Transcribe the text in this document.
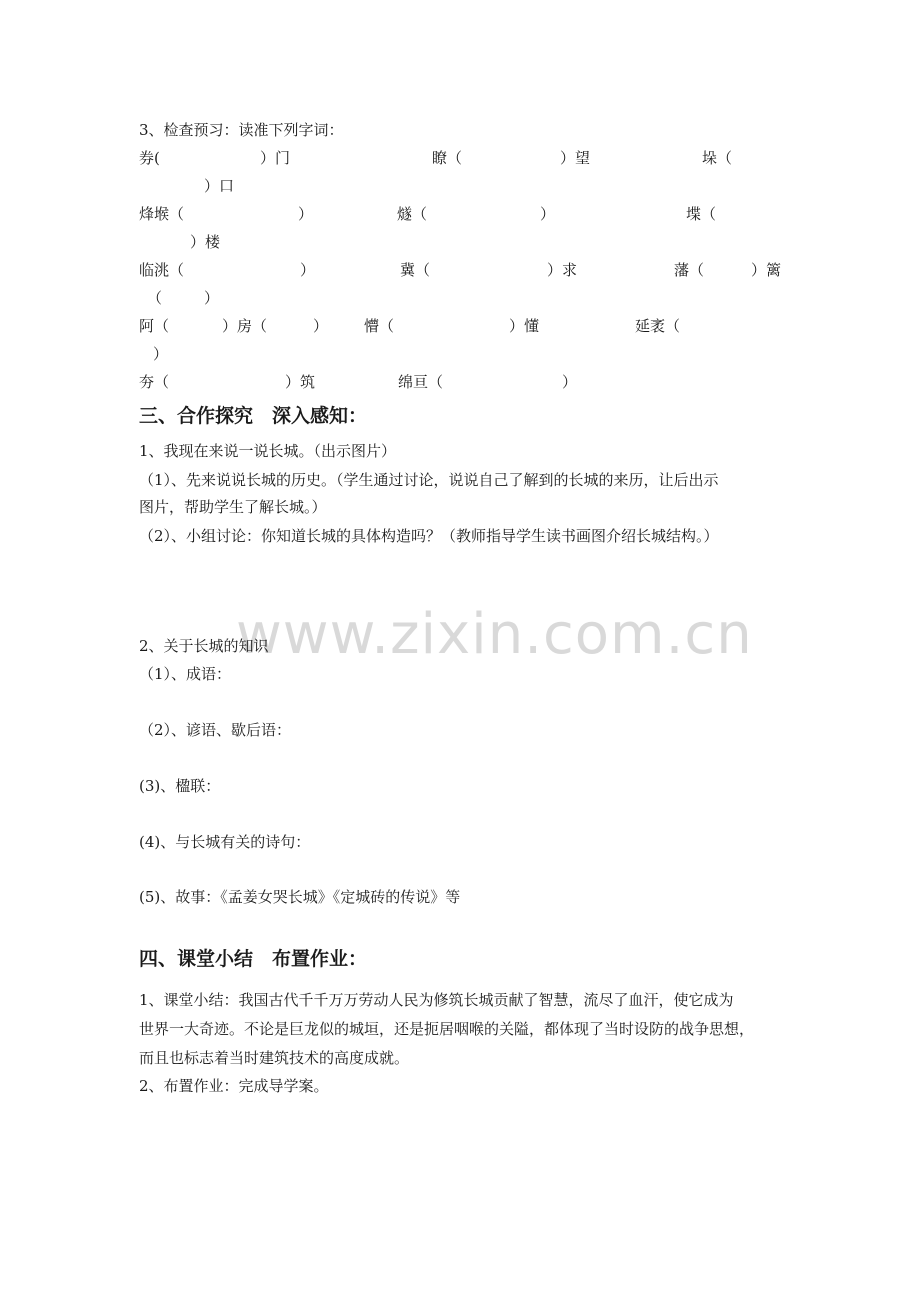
www.zixin.com.cn
3、检查预习：读准下列字词：
券(	）门	瞭（	）望	垛（
）口
烽堠（	）	燧（	）	堞（
）楼
临洮（	）	冀（	）求	藩（	）篱
（	）
阿（	）房（	） 懵（	）懂	延袤（
）
夯（	）筑	绵亘（	）
三、合作探究　深入感知：
1、我现在来说一说长城。（出示图片）
（1）、先来说说长城的历史。（学生通过讨论，说说自己了解到的长城的来历，让后出示
图片，帮助学生了解长城。）
（2）、小组讨论：你知道长城的具体构造吗？（教师指导学生读书画图介绍长城结构。）
2、关于长城的知识
（1）、成语：
（2）、谚语、歇后语：
(3)、楹联：
(4)、与长城有关的诗句：
(5)、故事：《孟姜女哭长城》《定城砖的传说》等
四、课堂小结　布置作业：
1、课堂小结：我国古代千千万万劳动人民为修筑长城贡献了智慧，流尽了血汗，使它成为
世界一大奇迹。不论是巨龙似的城垣，还是扼居咽喉的关隘，都体现了当时设防的战争思想，
而且也标志着当时建筑技术的高度成就。
2、布置作业：完成导学案。
